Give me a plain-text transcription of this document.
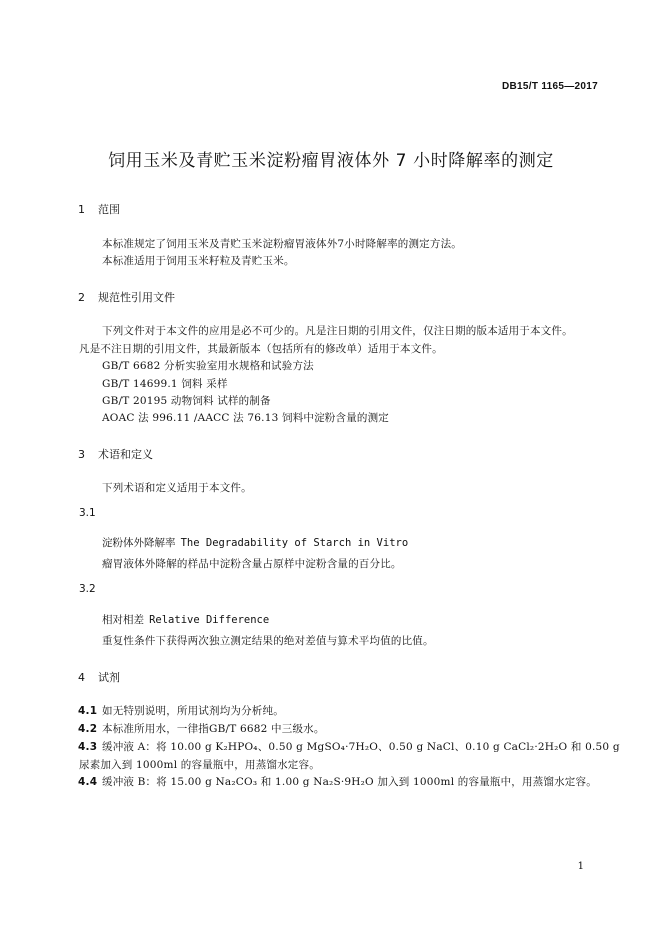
DB15/T 1165—2017
饲用玉米及青贮玉米淀粉瘤胃液体外 7 小时降解率的测定
1 范围
本标准规定了饲用玉米及青贮玉米淀粉瘤胃液体外7小时降解率的测定方法。
本标准适用于饲用玉米籽粒及青贮玉米。
2 规范性引用文件
下列文件对于本文件的应用是必不可少的。凡是注日期的引用文件，仅注日期的版本适用于本文件。
凡是不注日期的引用文件，其最新版本（包括所有的修改单）适用于本文件。
GB/T 6682 分析实验室用水规格和试验方法
GB/T 14699.1 饲料 采样
GB/T 20195 动物饲料 试样的制备
AOAC 法 996.11 /AACC 法 76.13 饲料中淀粉含量的测定
3 术语和定义
下列术语和定义适用于本文件。
3.1
淀粉体外降解率 The Degradability of Starch in Vitro
瘤胃液体外降解的样品中淀粉含量占原样中淀粉含量的百分比。
3.2
相对相差 Relative Difference
重复性条件下获得两次独立测定结果的绝对差值与算术平均值的比值。
4 试剂
4.1 如无特别说明，所用试剂均为分析纯。
4.2 本标准所用水，一律指GB/T 6682 中三级水。
4.3 缓冲液 A：将 10.00 g K₂HPO₄、0.50 g MgSO₄·7H₂O、0.50 g NaCl、0.10 g CaCl₂·2H₂O 和 0.50 g
尿素加入到 1000ml 的容量瓶中，用蒸馏水定容。
4.4 缓冲液 B：将 15.00 g Na₂CO₃ 和 1.00 g Na₂S·9H₂O 加入到 1000ml 的容量瓶中，用蒸馏水定容。
1
